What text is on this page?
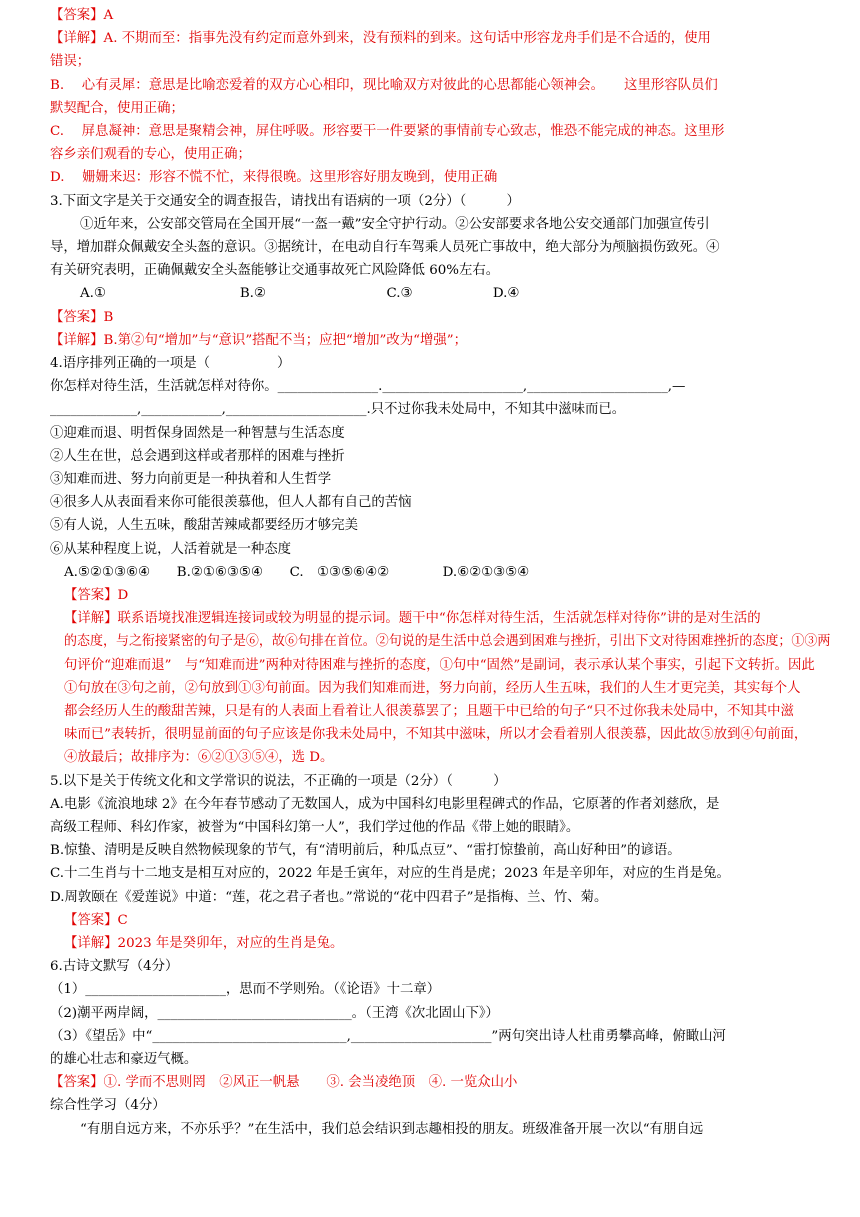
【答案】A
【详解】A. 不期而至：指事先没有约定而意外到来，没有预料的到来。这句话中形容龙舟手们是不合适的，使用
错误；
B.　 心有灵犀：意思是比喻恋爱着的双方心心相印，现比喻双方对彼此的心思都能心领神会。　　这里形容队员们
默契配合，使用正确；
C.　 屏息凝神：意思是聚精会神，屏住呼吸。形容要干一件要紧的事情前专心致志，惟恐不能完成的神态。这里形
容乡亲们观看的专心，使用正确；
D.　 姗姗来迟：形容不慌不忙，来得很晚。这里形容好朋友晚到，使用正确
3.下面文字是关于交通安全的调查报告，请找出有语病的一项（2分）（　　　）
①近年来，公安部交管局在全国开展“一盔一戴”安全守护行动。②公安部要求各地公安交通部门加强宣传引
导，增加群众佩戴安全头盔的意识。③据统计，在电动自行车驾乘人员死亡事故中，绝大部分为颅脑损伤致死。④
有关研究表明，正确佩戴安全头盔能够让交通事故死亡风险降低 60%左右。
A.①　　　　　　　　　　B.②　　　　　　　　　C.③　　　　　　D.④
【答案】B
【详解】B.第②句“增加”与“意识”搭配不当；应把“增加”改为“增强”；
4.语序排列正确的一项是（　　　　　）
你怎样对待生活，生活就怎样对待你。_______________._____________________,_____________________,—
_____________,____________,_____________________.只不过你我未处局中，不知其中滋味而已。
①迎难而退、明哲保身固然是一种智慧与生活态度
②人生在世，总会遇到这样或者那样的困难与挫折
③知难而进、努力向前更是一种执着和人生哲学
④很多人从表面看来你可能很羡慕他，但人人都有自己的苦恼
⑤有人说，人生五味，酸甜苦辣咸都要经历才够完美
⑥从某种程度上说，人活着就是一种态度
A.⑤②①③⑥④　　B.②①⑥③⑤④　　C.　①③⑤⑥④②　　　　D.⑥②①③⑤④
【答案】D
【详解】联系语境找准逻辑连接词或较为明显的提示词。题干中“你怎样对待生活，生活就怎样对待你”讲的是对生活的
的态度，与之衔接紧密的句子是⑥，故⑥句排在首位。②句说的是生活中总会遇到困难与挫折，引出下文对待困难挫折的态度；①③两
句评价“迎难而退”　与“知难而进”两种对待困难与挫折的态度，①句中“固然”是副词，表示承认某个事实，引起下文转折。因此
①句放在③句之前，②句放到①③句前面。因为我们知难而进，努力向前，经历人生五味，我们的人生才更完美，其实每个人
都会经历人生的酸甜苦辣，只是有的人表面上看着让人很羡慕罢了；且题干中已给的句子“只不过你我未处局中，不知其中滋
味而已”表转折，很明显前面的句子应该是你我未处局中，不知其中滋味，所以才会看着别人很羡慕，因此故⑤放到④句前面，
④放最后；故排序为：⑥②①③⑤④，选 D。
5.以下是关于传统文化和文学常识的说法，不正确的一项是（2分）（　　　）
A.电影《流浪地球 2》在今年春节感动了无数国人，成为中国科幻电影里程碑式的作品，它原著的作者刘慈欣，是
高级工程师、科幻作家，被誉为“中国科幻第一人”，我们学过他的作品《带上她的眼睛》。
B.惊蛰、清明是反映自然物候现象的节气，有“清明前后，种瓜点豆”、“雷打惊蛰前，高山好种田”的谚语。
C.十二生肖与十二地支是相互对应的，2022 年是壬寅年，对应的生肖是虎；2023 年是辛卯年，对应的生肖是兔。
D.周敦颐在《爱莲说》中道：“莲，花之君子者也。”常说的“花中四君子”是指梅、兰、竹、菊。
【答案】C
【详解】2023 年是癸卯年，对应的生肖是兔。
6.古诗文默写（4分）
（1）_____________________，思而不学则殆。（《论语》十二章）
（2)潮平两岸阔，_____________________________。（王湾《次北固山下》）
（3）《望岳》中“_____________________________,_____________________”两句突出诗人杜甫勇攀高峰，俯瞰山河
的雄心壮志和豪迈气概。
【答案】①. 学而不思则罔　②风正一帆悬　　③. 会当凌绝顶　④. 一览众山小
综合性学习（4分）
“有朋自远方来，不亦乐乎？”在生活中，我们总会结识到志趣相投的朋友。班级准备开展一次以“有朋自远
